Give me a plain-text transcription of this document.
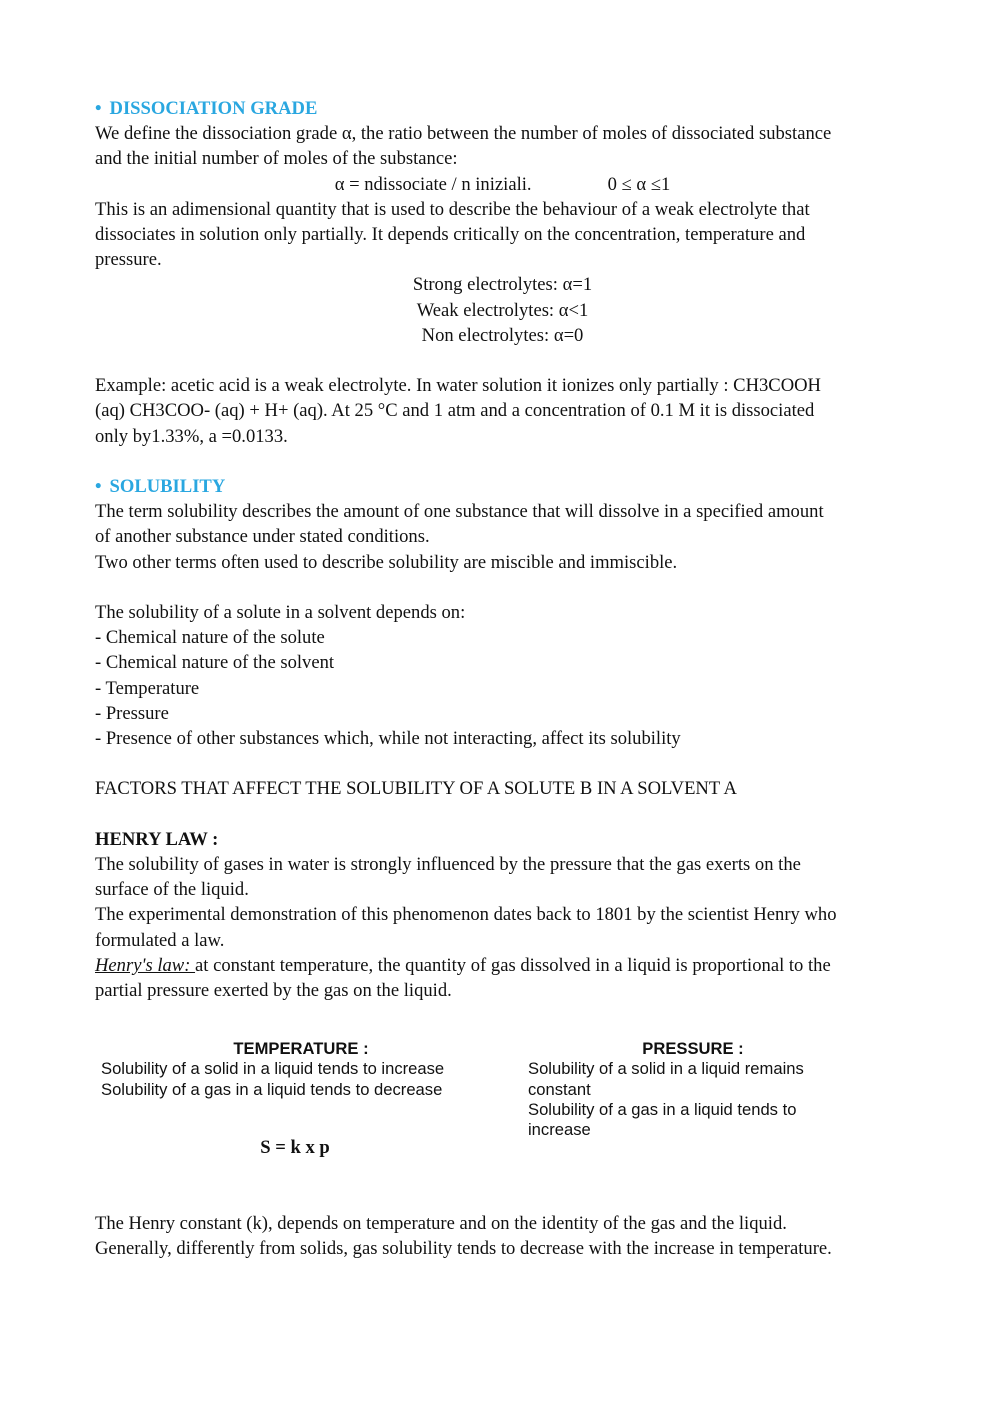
• DISSOCIATION GRADE

We define the dissociation grade α, the ratio between the number of moles of dissociated substance

and the initial number of moles of the substance:

α = ndissociate / n iniziali.	0 ≤ α ≤1

This is an adimensional quantity that is used to describe the behaviour of a weak electrolyte that

dissociates in solution only partially. It depends critically on the concentration, temperature and

pressure.

Strong electrolytes: α=1

Weak electrolytes: α<1

Non electrolytes: α=0

Example: acetic acid is a weak electrolyte. In water solution it ionizes only partially : CH3COOH

(aq) CH3COO- (aq) + H+ (aq). At 25 °C and 1 atm and a concentration of 0.1 M it is dissociated

only by1.33%, a =0.0133.

• SOLUBILITY

The term solubility describes the amount of one substance that will dissolve in a specified amount

of another substance under stated conditions.

Two other terms often used to describe solubility are miscible and immiscible.

The solubility of a solute in a solvent depends on:

- Chemical nature of the solute

- Chemical nature of the solvent

- Temperature

- Pressure

- Presence of other substances which, while not interacting, affect its solubility

FACTORS THAT AFFECT THE SOLUBILITY OF A SOLUTE B IN A SOLVENT A

HENRY LAW :

The solubility of gases in water is strongly influenced by the pressure that the gas exerts on the

surface of the liquid.

The experimental demonstration of this phenomenon dates back to 1801 by the scientist Henry who

formulated a law.

Henry's law: at constant temperature, the quantity of gas dissolved in a liquid is proportional to the

partial pressure exerted by the gas on the liquid.

TEMPERATURE :
Solubility of a solid in a liquid tends to increase
Solubility of a gas in a liquid tends to decrease
PRESSURE :
Solubility of a solid in a liquid remains
constant
Solubility of a gas in a liquid tends to
increase
S = k x p

The Henry constant (k), depends on temperature and on the identity of the gas and the liquid.

Generally, differently from solids, gas solubility tends to decrease with the increase in temperature.
